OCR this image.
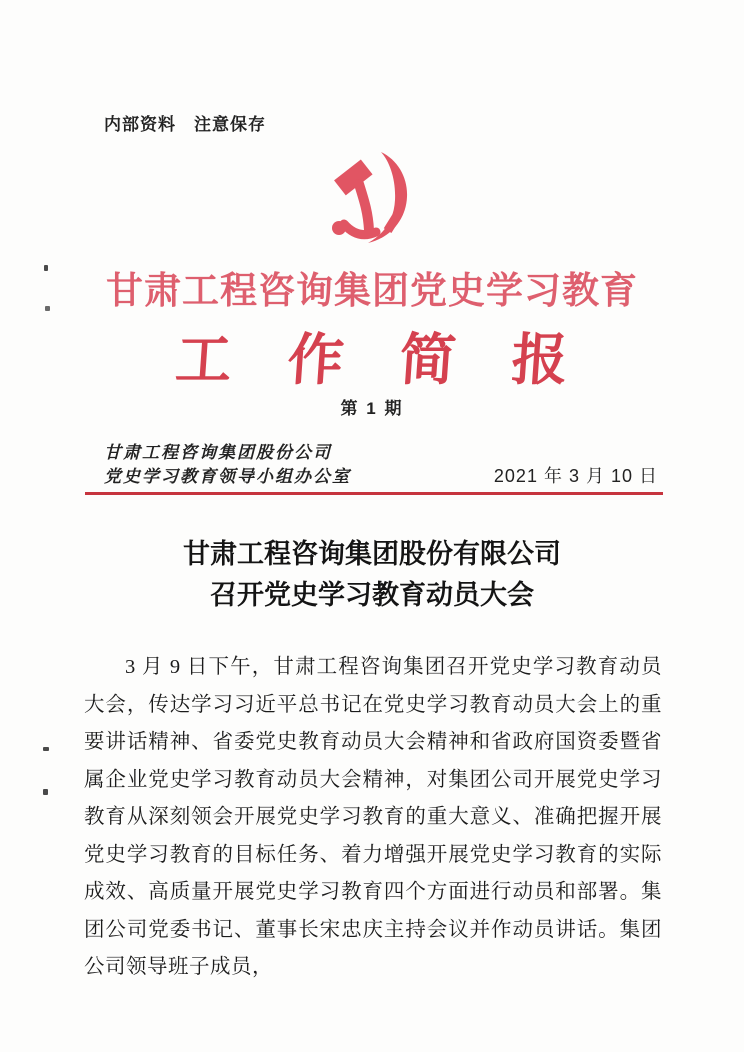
内部资料　注意保存
甘肃工程咨询集团党史学习教育
工　作　简　报
第 1 期
甘肃工程咨询集团股份公司
党史学习教育领导小组办公室	2021 年 3 月 10 日
甘肃工程咨询集团股份有限公司
召开党史学习教育动员大会

3 月 9 日下午，甘肃工程咨询集团召开党史学习教育动员大会，传达学习习近平总书记在党史学习教育动员大会上的重要讲话精神、省委党史教育动员大会精神和省政府国资委暨省属企业党史学习教育动员大会精神，对集团公司开展党史学习教育从深刻领会开展党史学习教育的重大意义、准确把握开展党史学习教育的目标任务、着力增强开展党史学习教育的实际成效、高质量开展党史学习教育四个方面进行动员和部署。集团公司党委书记、董事长宋忠庆主持会议并作动员讲话。集团公司领导班子成员，
